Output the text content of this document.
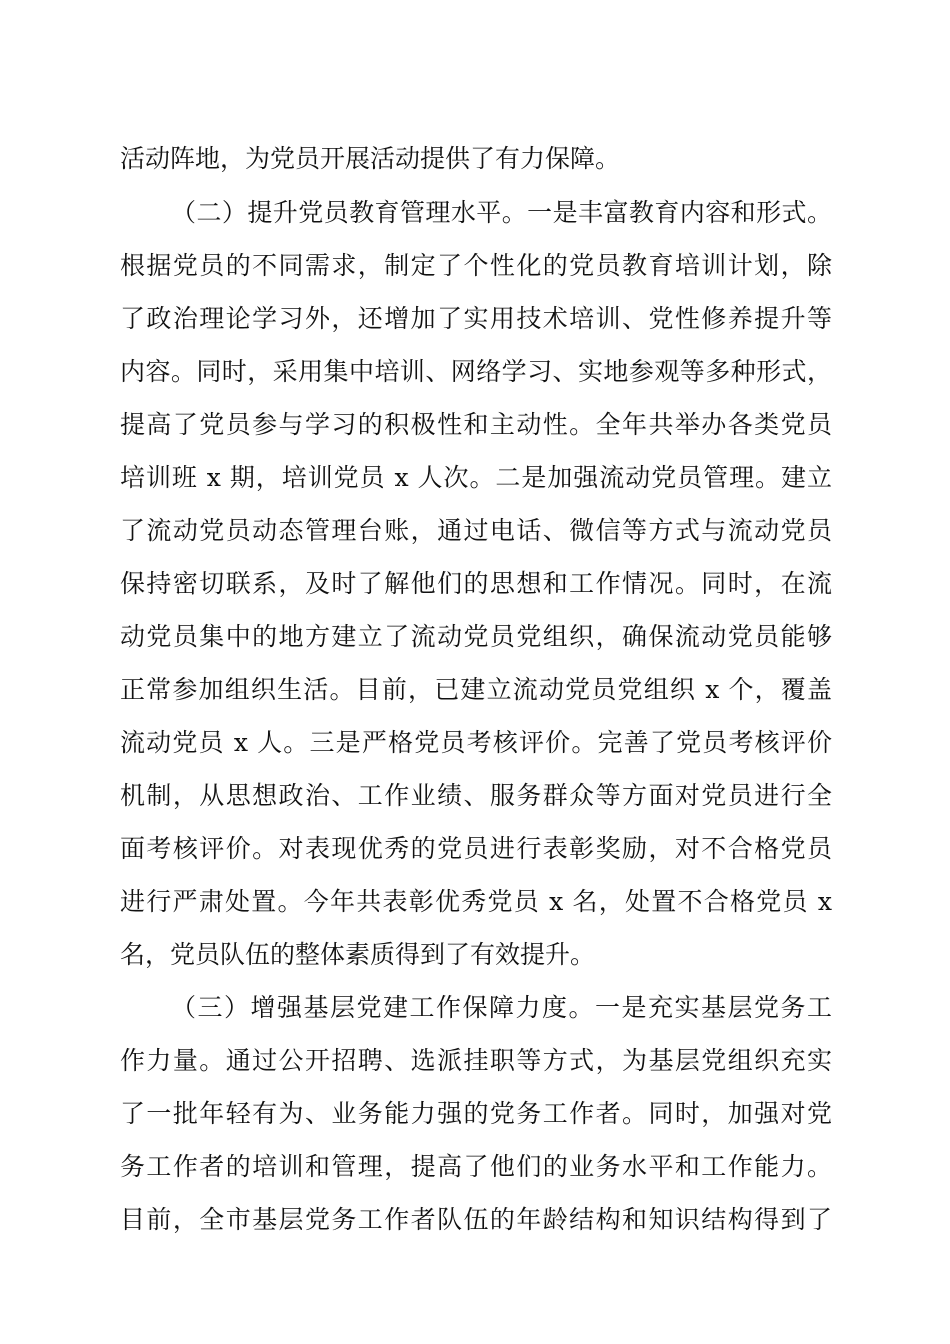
活动阵地，为党员开展活动提供了有力保障。

（二）提升党员教育管理水平。一是丰富教育内容和形式。

根据党员的不同需求，制定了个性化的党员教育培训计划，除

了政治理论学习外，还增加了实用技术培训、党性修养提升等

内容。同时，采用集中培训、网络学习、实地参观等多种形式，

提高了党员参与学习的积极性和主动性。全年共举办各类党员

培训班 x 期，培训党员 x 人次。二是加强流动党员管理。建立

了流动党员动态管理台账，通过电话、微信等方式与流动党员

保持密切联系，及时了解他们的思想和工作情况。同时，在流

动党员集中的地方建立了流动党员党组织，确保流动党员能够

正常参加组织生活。目前，已建立流动党员党组织 x 个，覆盖

流动党员 x 人。三是严格党员考核评价。完善了党员考核评价

机制，从思想政治、工作业绩、服务群众等方面对党员进行全

面考核评价。对表现优秀的党员进行表彰奖励，对不合格党员

进行严肃处置。今年共表彰优秀党员 x 名，处置不合格党员 x

名，党员队伍的整体素质得到了有效提升。

（三）增强基层党建工作保障力度。一是充实基层党务工

作力量。通过公开招聘、选派挂职等方式，为基层党组织充实

了一批年轻有为、业务能力强的党务工作者。同时，加强对党

务工作者的培训和管理，提高了他们的业务水平和工作能力。

目前，全市基层党务工作者队伍的年龄结构和知识结构得到了
